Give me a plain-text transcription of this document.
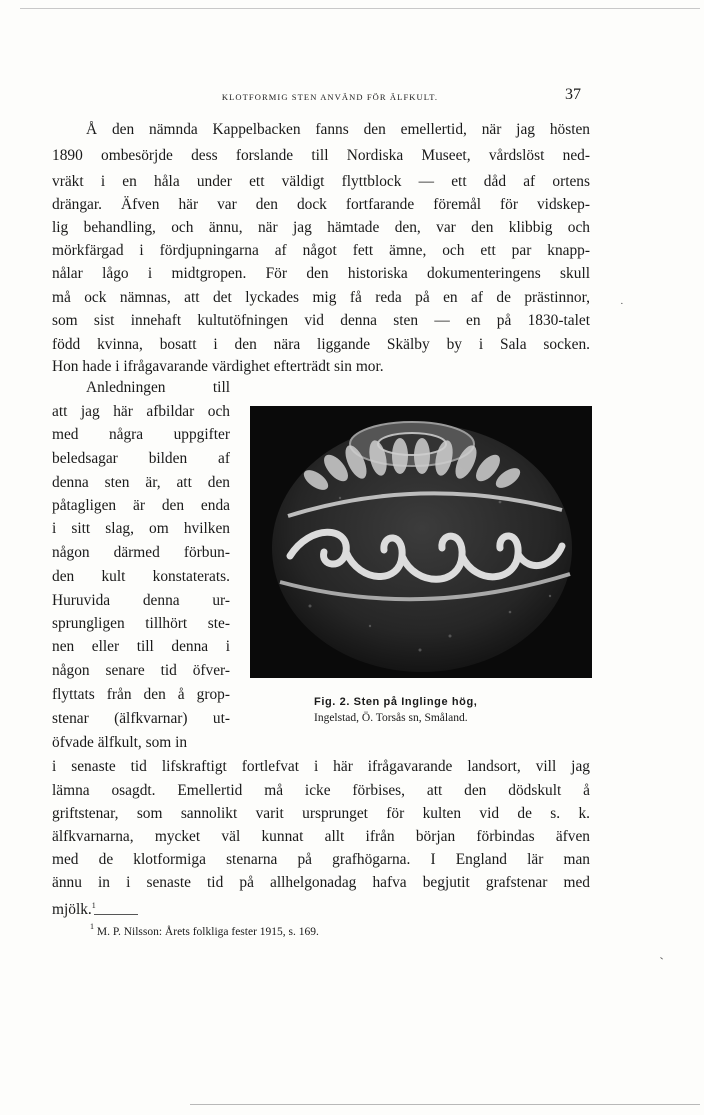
KLOTFORMIG STEN ANVÄND FÖR ÄLFKULT.	37
Å den nämnda Kappelbacken fanns den emellertid, när jag hösten
1890 ombesörjde dess forslande till Nordiska Museet, vårdslöst ned-
vräkt i en håla under ett väldigt flyttblock — ett dåd af ortens
drängar. Äfven här var den dock fortfarande föremål för vidskep-
lig behandling, och ännu, när jag hämtade den, var den klibbig och
mörkfärgad i fördjupningarna af något fett ämne, och ett par knapp-
nålar lågo i midtgropen. För den historiska dokumenteringens skull
må ock nämnas, att det lyckades mig få reda på en af de prästinnor,
som sist innehaft kultutöfningen vid denna sten — en på 1830-talet
född kvinna, bosatt i den nära liggande Skälby by i Sala socken.
Hon hade i ifrågavarande värdighet efterträdt sin mor.
Anledningen till
att jag här afbildar och
med några uppgifter
beledsagar bilden af
denna sten är, att den
påtagligen är den enda
i sitt slag, om hvilken
någon därmed förbun-
den kult konstaterats.
Huruvida denna ur-
sprungligen tillhört ste-
nen eller till denna i
någon senare tid öfver-
flyttats från den å grop-
stenar (älfkvarnar) ut-
öfvade älfkult, som in
Fig. 2. Sten på Inglinge hög,
Ingelstad, Ö. Torsås sn, Småland.
i senaste tid lifskraftigt fortlefvat i här ifrågavarande landsort, vill jag
lämna osagdt. Emellertid må icke förbises, att den dödskult å
griftstenar, som sannolikt varit ursprunget för kulten vid de s. k.
älfkvarnarna, mycket väl kunnat allt ifrån början förbindas äfven
med de klotformiga stenarna på grafhögarna. I England lär man
ännu in i senaste tid på allhelgonadag hafva begjutit grafstenar med
mjölk.$^1$
$^1$ M. P. Nilsson: Årets folkliga fester 1915, s. 169.
·
-
